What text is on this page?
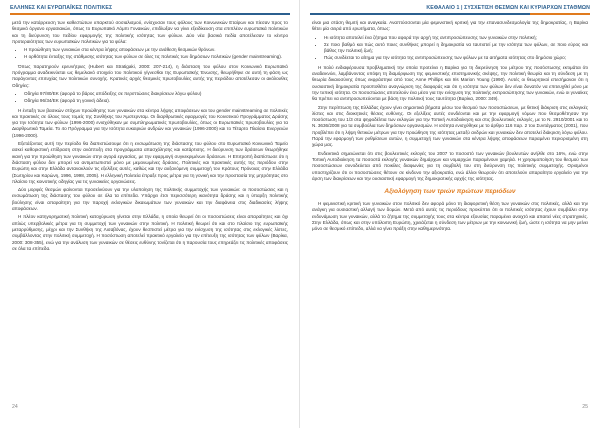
ΕΛΛΗΝΕΣ ΚΑΙ ΕΥΡΩΠΑΪΚΕΣ ΠΟΛΙΤΙΚΕΣ

μετά την κατάρρευση των καθεστώτων υπαρκτού σοσιαλισμού, ενίσχυσαν τους φόλους των Κοινωνικών Εταίρων και πίεσαν προς το θεσμικό όργανο εργασιακών, όπως το Ευρωπαϊκό Λόμπι Γυναικών, επιδίωξαν να γίνει εξειδίκευση στα επιπλέον ευρωπαϊκά πολιτικών και τη διεύρυνση του πεδίου εφαρμογής της πολιτικής ισότητας των φύλων. Δύο νέα βασικά πεδία αποτέλεσαν το κέντρο προτεραιότητας των ευρωπαϊκών πολιτικών για τα φύλα:

• Η προώθηση των γυναικών στα κέντρα λήψης αποφάσεων με την ανάθεση θεσμικών θρόνων.
• Η ορθότητα ένταξης της στάθμισης ισότητας των φύλων σε όλες τις πολιτικές των δημόσιων πολιτικών (gender mainstreaming).

Όπως παρατηρούν ερευνήτριες (Hubert και Stratigaki, 2000: 207-214), η διάσταση του φύλου στον Κοινωνικό Ευρωπαϊκό πρόγραμμα αναδεικνύεται ως θεμελιακό στοιχείο του πολιτικού γίγνεσθαι της Ευρωπαϊκής Ένωσης, θεωρήθηκε σε αυτή τη φάση ως παράγοντας επιτυχίας των πολιτικών συνοχής. Κρατικές αρχές θεσμικές πρωτοβουλίες αυτής της περιόδου αποτέλεσαν οι ακόλουθες Οδηγίες:

• Οδηγία 97/80/ΕΚ (αφορά το βάρος απόδειξης σε περιπτώσεις διακρίσεων λόγω φύλου)
• Οδηγία 96/34/ΕΚ (αφορά τη γονική άδεια).

Η ένταξη των βασικών στόχων προώθησης των γυναικών στα κέντρα λήψης αποφάσεων και του gender mainstreaming σε πολιτικές και πρακτικές σε όλους τους τομείς της Συνθήκης του Άμστερνταμ. Οι διαρθρωτικές εφαρμογές του Κοινοτικού Προγράμματος Δράσης για την Ισότητα των φύλων (1996-2000) ενισχύθηκαν με συμπληρωματικές πρωτοβουλίες, όπως οι Ευρωπαϊκές πρωτοβουλίες για τα Διαρθρωτικά Ταμεία. Το 4ο Πρόγραμμα για την Ισότητα ευκαιριών ανδρών και γυναικών (1996-2000) και το Τέταρτο Πλαίσιο Ενεργειών (1996-2000).

Εξετάζοντας αυτή την περίοδο θα διαπιστώσουμε ότι η ενσωμάτωση της διάστασης του φύλου στο Ευρωπαϊκό Κοινωνικό Ταμείο ασκεί καθοριστική επίδραση στην ανάπτυξη στα προγράμματα απασχόλησης και κατάρτισης. Η διεύρυνση των δράσεων θεωρήθηκε ικανή για την προώθηση των γυναικών στην αγορά εργασίας, με την εφαρμογή συγκεκριμένων δράσεων. Η Επιτροπή διαπίστωσε ότι η διάσταση φύλου δεν μπορεί να αντιμετωπιστεί μόνο με μεμονωμένες δράσεις. Πολιτικές και πρακτικές αυτής της περιόδου στην Ευρώπη και στην Ελλάδα αντανακλούν τις εξελίξεις αυτές, καθώς και την αυξανόμενη συμμετοχή του Κράτους Πρόνοιας στην Ελλάδα (Σωτηρίου και Καρώνη, 1996, 1998, 2005). Η ελληνική Πολιτεία έπραξε προς μέτρα για τη γονική και την προστασία της μητρότητας στο πλαίσιο της κοινοτικής οδηγίας για τις γυναικείες οργανώσεις.

Δύο μορφές θεσμών φαίνονται προσελκύουν για την υλοποίηση της πολιτικής συμμετοχής των γυναικών: οι ποσοστώσεις και η ενσωμάτωση της διάστασης του φύλου σε όλα τα επίπεδα. Υπάρχει έτσι περισσότερη ικανότητα δράσης και η ύπαρξη πολιτικής βούλησης είναι απαραίτητη για την παροχή εκλογικών δικαιωμάτων των γυναικών και την διαφάνεια στις διαδικασίες λήψης αποφάσεων.

Η πλέον κατηγορηματική πολιτική κατοχύρωση γίνεται στην Ελλάδα, η οποία θεωρεί ότι οι ποσοστώσεις είναι απαραίτητες και όχι απλώς υπερβολικές μέτρα για τη συμμετοχή των γυναικών στην πολιτική. Η πολιτική θεωρεί ότι και στο πλαίσιο της ευρωπαϊκής μεταρρύθμισης, μέχρι και την Συνθήκη της Λισαβόνας, έχουν θεσπιστεί μέτρα για την ενίσχυση της ισότητας στις εκλογικές λίστες, συμβάλλοντας στην πολιτική συμμετοχή. Η ποσόστωση αποτελεί πρακτικό εργαλείο για την επίτευξη της ισότητας των φύλων (Βαρίκα, 2000: 308-355), ενώ για την ανάλυση των γυναικών σε θέσεις ευθύνης τονίζεται ότι η παρουσία τους επηρεάζει τις πολιτικές αποφάσεις σε όλα τα επίπεδα.

24
ΚΕΦΑΛΑΙΟ 1 | ΣΥΣΧΕΤΙΣΗ ΘΕΣΜΩΝ ΚΑΙ ΚΥΡΙΑΡΧΩΝ ΣΤΑΘΜΩΝ

είναι μια στάση θεμιτή και αναγκαία. Αναπτύσσονται μία φεμινιστική κριτική για την επανασυνδεσμολογία της δημοκρατίας, η Βαρίκα θέτει μία σειρά από ερωτήματα, όπως:

• Ηι ισότητα αποτελεί ένα ζήτημα που αφορά την αρχή της αντιπροσώπευσης των γυναικών στην πολιτική;
• Σε ποιο βαθμό και πώς αυτό ποιες συνθήκες μπορεί η δημοκρατία να ταυτιστεί με την ισότητα των φύλων, σε ποιο εύρος και βάθος την πολιτική ζωή;
• Πώς συνδέεται το αίτημα για την ισότητα της αντιπροσώπευσης των φύλων με τα αιτήματα ισότητας στο δημόσιο χώρο;

Η πολύ ενδιαφέρουσα προβληματική την οποία προτείνει η Βαρίκα για τη διερεύνηση του μέτρου της ποσόστωσης εκτιμάται ότι αναδεικνύει, λαμβάνοντας υπόψη τη διαμόρφωση της φεμινιστικής επιστημονικής σκέψης, την πολιτική θεωρία και τη σύνδεση με τη θεωρία δικαιοσύνης όπως εκφράστηκε από τους Anne Phillips και Iris Marion Young (1990). Αυτές οι θεωρητικοί επεσήμαναν ότι η ουσιαστική δημοκρατία προϋποθέτει αναγνώριση της διαφοράς και ότι η ισότητα των φύλων δεν είναι δυνατόν να επιτευχθεί μόνο με την τυπική ισότητα. Οι ποσοστώσεις αποτελούν ένα μέσο για την ενίσχυση της πολιτικής εκπροσώπησης των γυναικών, ενώ οι γυναίκες θα πρέπει να αντιπροσωπεύονται με βάση την πολιτική τους ταυτότητα (Βαρίκα, 2000: 349).

Στην περίπτωση της Ελλάδας έχουν γίνει σημαντικά βήματα μέσω του θεσμού των ποσοστώσεων, με θετική διάκριση στις εκλογικές λίστες και στις διοικητικές θέσεις ευθύνης. Οι εξελίξεις αυτές συνδέονται και με την εφαρμογή νόμων που θεσμοθέτησαν την ποσόστωση του 1/3 στα ψηφοδέλτια των εκλογών για την Τοπική Αυτοδιοίκηση και στις βουλευτικές εκλογές, με το Ν. 2910/2001 και το Ν. 3636/2008 για τα συμβούλια των δημόσιων οργανισμών. Η ισότητα ενισχύθηκε με το άρθρο 116 παρ. 2 του Συντάγματος (2001), που προβλέπει ότι η λήψη θετικών μέτρων για την προώθηση της ισότητας μεταξύ ανδρών και γυναικών δεν αποτελεί διάκριση λόγω φύλου. Παρά την εφαρμογή των ρυθμίσεων αυτών, η συμμετοχή των γυναικών στα κέντρα λήψης αποφάσεων παραμένει περιορισμένη στη χώρα μας.

Ενδεικτικά σημειώνεται ότι στις βουλευτικές εκλογές του 2007 το ποσοστό των γυναικών βουλευτών ανήλθε στο 16%, ενώ στην Τοπική Αυτοδιοίκηση τα ποσοστά εκλογής γυναικών δημάρχων και νομαρχών παραμένουν χαμηλά. Η χρησιμοποίηση του θεσμού των ποσοστώσεων συνοδεύεται από ποικίλες διαφωνίες για τη συμβολή του στη διεύρυνση της πολιτικής συμμετοχής. Ορισμένοι υποστηρίζουν ότι οι ποσοστώσεις θέτουν σε κίνδυνο την αξιοκρατία, ενώ άλλοι θεωρούν ότι αποτελούν απαραίτητο εργαλείο για την άρση των διακρίσεων και την ουσιαστική εφαρμογή της δημοκρατικής αρχής της ισότητας.

Αξιολόγηση των τριών πρώτων περιόδων

Η φεμινιστική κριτική των γυναικών στον πολιτικό δεν αφορά μόνο τη διαφορετική θέση των γυναικών στις πολιτικές, αλλά και την ανάγκη για ουσιαστική αλλαγή των δομών. Μετά από αυτές τις περιόδους προκύπτει ότι οι πολιτικές ισότητας έχουν συμβάλει στην ενδυνάμωση των γυναικών, αλλά το ζήτημα της συμμετοχής τους στα κέντρα εξουσίας παραμένει ανοιχτό και απαιτεί νέες στρατηγικές. Στην Ελλάδα, όπως και στην υπόλοιπη Ευρώπη, χρειάζεται η σύνδεση των μέτρων με την κοινωνική ζωή, ώστε η ισότητα να μην μείνει μόνο σε θεσμικό επίπεδο, αλλά να γίνει πράξη στην καθημερινότητα.

25
